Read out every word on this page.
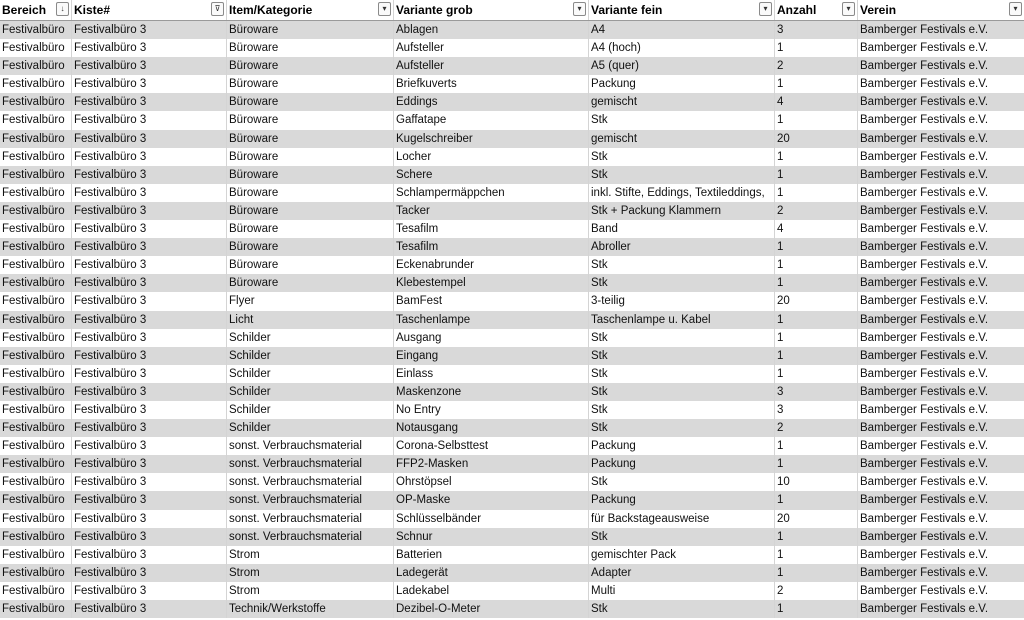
Bereich	↓ Kiste#	⊽ Item/Kategorie	▾ Variante grob	▾ Variante fein	▾ Anzahl	▾ Verein	▾
Festivalbüro Festivalbüro 3	Büroware	Ablagen	A4	3	Bamberger Festivals e.V.
Festivalbüro Festivalbüro 3	Büroware	Aufsteller	A4 (hoch)	1	Bamberger Festivals e.V.
Festivalbüro Festivalbüro 3	Büroware	Aufsteller	A5 (quer)	2	Bamberger Festivals e.V.
Festivalbüro Festivalbüro 3	Büroware	Briefkuverts	Packung	1	Bamberger Festivals e.V.
Festivalbüro Festivalbüro 3	Büroware	Eddings	gemischt	4	Bamberger Festivals e.V.
Festivalbüro Festivalbüro 3	Büroware	Gaffatape	Stk	1	Bamberger Festivals e.V.
Festivalbüro Festivalbüro 3	Büroware	Kugelschreiber	gemischt	20	Bamberger Festivals e.V.
Festivalbüro Festivalbüro 3	Büroware	Locher	Stk	1	Bamberger Festivals e.V.
Festivalbüro Festivalbüro 3	Büroware	Schere	Stk	1	Bamberger Festivals e.V.
Festivalbüro Festivalbüro 3	Büroware	Schlampermäppchen	inkl. Stifte, Eddings, Textileddings,	1	Bamberger Festivals e.V.
Festivalbüro Festivalbüro 3	Büroware	Tacker	Stk + Packung Klammern	2	Bamberger Festivals e.V.
Festivalbüro Festivalbüro 3	Büroware	Tesafilm	Band	4	Bamberger Festivals e.V.
Festivalbüro Festivalbüro 3	Büroware	Tesafilm	Abroller	1	Bamberger Festivals e.V.
Festivalbüro Festivalbüro 3	Büroware	Eckenabrunder	Stk	1	Bamberger Festivals e.V.
Festivalbüro Festivalbüro 3	Büroware	Klebestempel	Stk	1	Bamberger Festivals e.V.
Festivalbüro Festivalbüro 3	Flyer	BamFest	3-teilig	20	Bamberger Festivals e.V.
Festivalbüro Festivalbüro 3	Licht	Taschenlampe	Taschenlampe u. Kabel	1	Bamberger Festivals e.V.
Festivalbüro Festivalbüro 3	Schilder	Ausgang	Stk	1	Bamberger Festivals e.V.
Festivalbüro Festivalbüro 3	Schilder	Eingang	Stk	1	Bamberger Festivals e.V.
Festivalbüro Festivalbüro 3	Schilder	Einlass	Stk	1	Bamberger Festivals e.V.
Festivalbüro Festivalbüro 3	Schilder	Maskenzone	Stk	3	Bamberger Festivals e.V.
Festivalbüro Festivalbüro 3	Schilder	No Entry	Stk	3	Bamberger Festivals e.V.
Festivalbüro Festivalbüro 3	Schilder	Notausgang	Stk	2	Bamberger Festivals e.V.
Festivalbüro Festivalbüro 3	sonst. Verbrauchsmaterial	Corona-Selbsttest	Packung	1	Bamberger Festivals e.V.
Festivalbüro Festivalbüro 3	sonst. Verbrauchsmaterial	FFP2-Masken	Packung	1	Bamberger Festivals e.V.
Festivalbüro Festivalbüro 3	sonst. Verbrauchsmaterial	Ohrstöpsel	Stk	10	Bamberger Festivals e.V.
Festivalbüro Festivalbüro 3	sonst. Verbrauchsmaterial	OP-Maske	Packung	1	Bamberger Festivals e.V.
Festivalbüro Festivalbüro 3	sonst. Verbrauchsmaterial	Schlüsselbänder	für Backstageausweise	20	Bamberger Festivals e.V.
Festivalbüro Festivalbüro 3	sonst. Verbrauchsmaterial	Schnur	Stk	1	Bamberger Festivals e.V.
Festivalbüro Festivalbüro 3	Strom	Batterien	gemischter Pack	1	Bamberger Festivals e.V.
Festivalbüro Festivalbüro 3	Strom	Ladegerät	Adapter	1	Bamberger Festivals e.V.
Festivalbüro Festivalbüro 3	Strom	Ladekabel	Multi	2	Bamberger Festivals e.V.
Festivalbüro Festivalbüro 3	Technik/Werkstoffe	Dezibel-O-Meter	Stk	1	Bamberger Festivals e.V.
